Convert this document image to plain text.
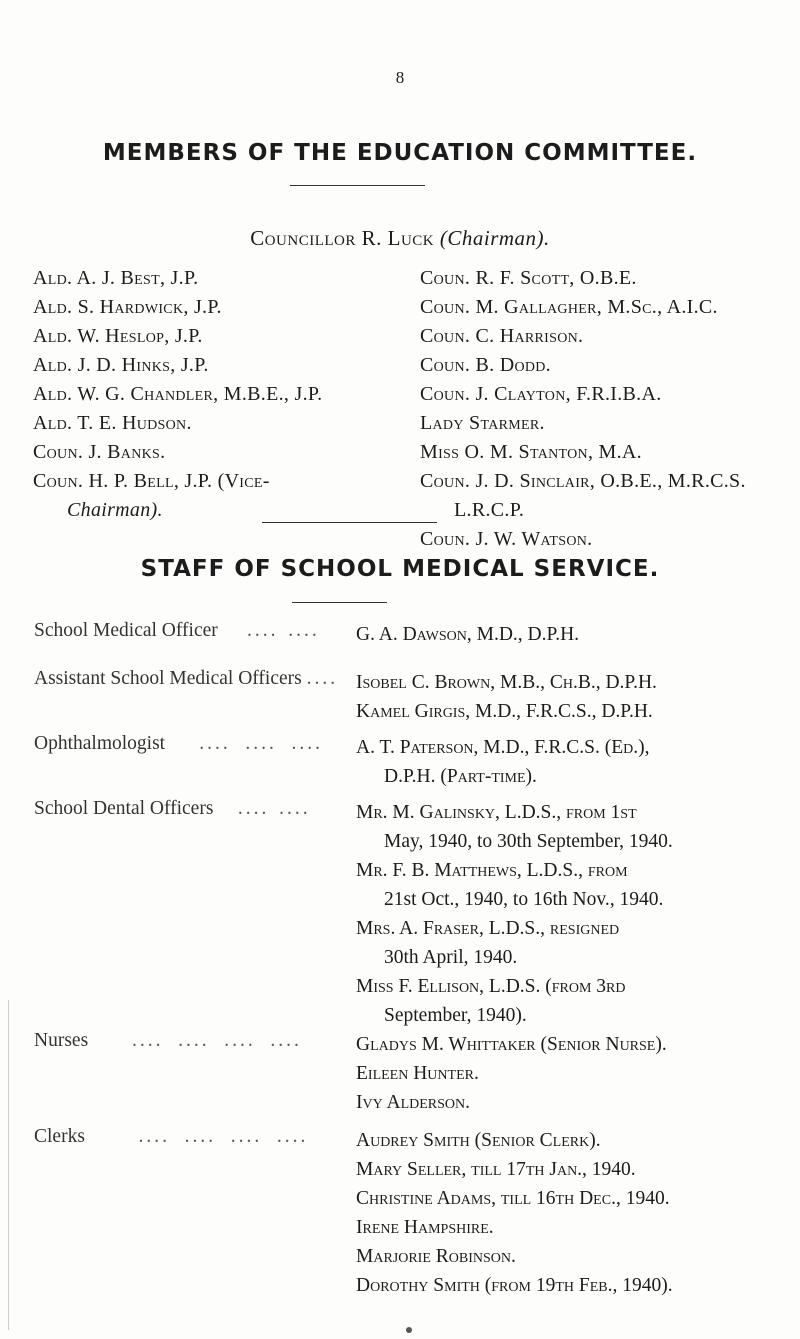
8
MEMBERS OF THE EDUCATION COMMITTEE.
Councillor R. Luck (Chairman).
Ald. A. J. Best, J.P.
Ald. S. Hardwick, J.P.
Ald. W. Heslop, J.P.
Ald. J. D. Hinks, J.P.
Ald. W. G. Chandler, M.B.E., J.P.
Ald. T. E. Hudson.
Coun. J. Banks.
Coun. H. P. Bell, J.P. (Vice-
Chairman).
Coun. R. F. Scott, O.B.E.
Coun. M. Gallagher, M.Sc., A.I.C.
Coun. C. Harrison.
Coun. B. Dodd.
Coun. J. Clayton, F.R.I.B.A.
Lady Starmer.
Miss O. M. Stanton, M.A.
Coun. J. D. Sinclair, O.B.E., M.R.C.S.
L.R.C.P.
Coun. J. W. Watson.
STAFF OF SCHOOL MEDICAL SERVICE.
School Medical Officer .... .... G. A. Dawson, M.D., D.P.H.
Assistant School Medical Officers .... Isobel C. Brown, M.B., Ch.B., D.P.H.
Kamel Girgis, M.D., F.R.C.S., D.P.H.
Ophthalmologist .... .... .... A. T. Paterson, M.D., F.R.C.S. (Ed.),
D.P.H. (Part-time).
School Dental Officers .... .... Mr. M. Galinsky, L.D.S., from 1st
May, 1940, to 30th September, 1940.
Mr. F. B. Matthews, L.D.S., from
21st Oct., 1940, to 16th Nov., 1940.
Mrs. A. Fraser, L.D.S., resigned
30th April, 1940.
Miss F. Ellison, L.D.S. (from 3rd
September, 1940).
Nurses .... .... .... ....	Gladys M. Whittaker (Senior Nurse).
Eileen Hunter.
Ivy Alderson.
Clerks	.... .... .... .... Audrey Smith (Senior Clerk).
Mary Seller, till 17th Jan., 1940.
Christine Adams, till 16th Dec., 1940.
Irene Hampshire.
Marjorie Robinson.
Dorothy Smith (from 19th Feb., 1940).
